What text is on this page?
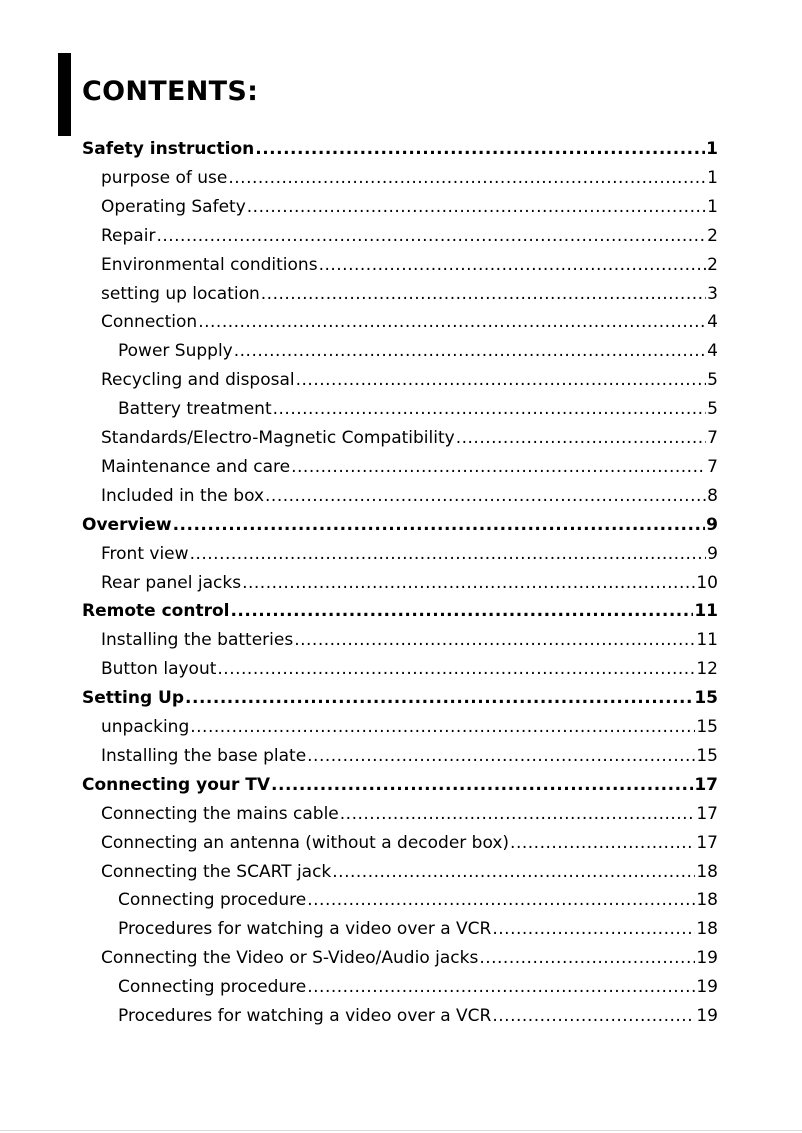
CONTENTS:
Safety instruction .....	1
purpose of use .....	1
Operating Safety .....	1
Repair .....	2
Environmental conditions .....	2
setting up location .....	3
Connection .....	4
Power Supply .....	4
Recycling and disposal .....	5
Battery treatment .....	5
Standards/Electro-Magnetic Compatibility .....	7
Maintenance and care .....	7
Included in the box .....	8
Overview .....	9
Front view .....	9
Rear panel jacks .....	10
Remote control .....	11
Installing the batteries .....	11
Button layout .....	12
Setting Up .....	15
unpacking .....	15
Installing the base plate .....	15
Connecting your TV .....	17
Connecting the mains cable .....	17
Connecting an antenna (without a decoder box) .....	17
Connecting the SCART jack .....	18
Connecting procedure .....	18
Procedures for watching a video over a VCR .....	18
Connecting the Video or S-Video/Audio jacks .....	19
Connecting procedure .....	19
Procedures for watching a video over a VCR .....	19
